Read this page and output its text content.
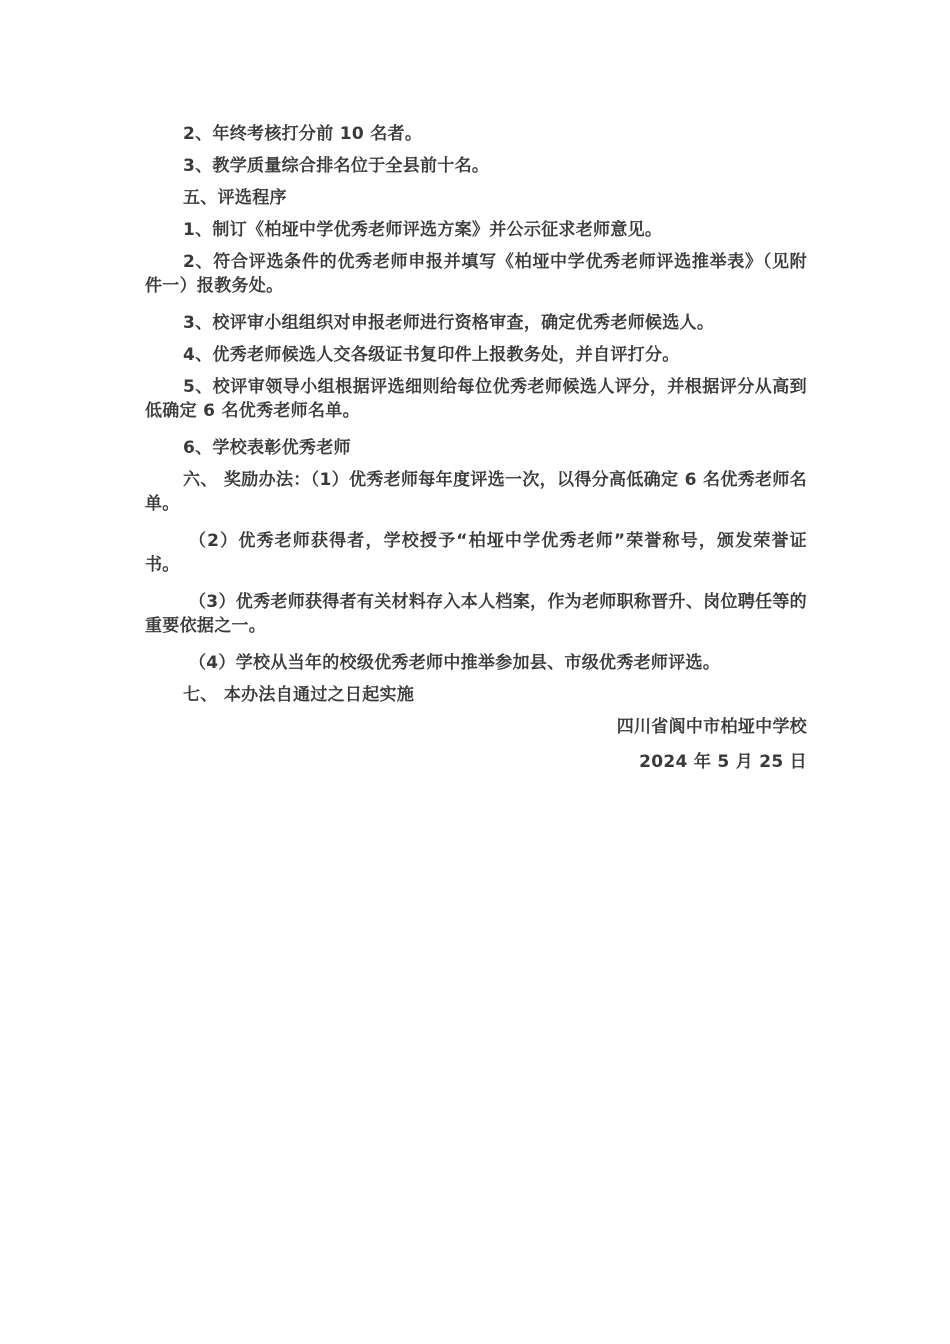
2、年终考核打分前 10 名者。

3、教学质量综合排名位于全县前十名。

五、评选程序

1、制订《柏垭中学优秀老师评选方案》并公示征求老师意见。

2、符合评选条件的优秀老师申报并填写《柏垭中学优秀老师评选推举表》（见附件一）报教务处。

3、校评审小组组织对申报老师进行资格审查，确定优秀老师候选人。

4、优秀老师候选人交各级证书复印件上报教务处，并自评打分。

5、校评审领导小组根据评选细则给每位优秀老师候选人评分，并根据评分从高到低确定 6 名优秀老师名单。

6、学校表彰优秀老师

六、 奖励办法：（1）优秀老师每年度评选一次，以得分高低确定 6 名优秀老师名单。

（2）优秀老师获得者，学校授予“柏垭中学优秀老师”荣誉称号，颁发荣誉证书。

（3）优秀老师获得者有关材料存入本人档案，作为老师职称晋升、岗位聘任等的重要依据之一。

（4）学校从当年的校级优秀老师中推举参加县、市级优秀老师评选。

七、 本办法自通过之日起实施

四川省阆中市柏垭中学校
2024 年 5 月 25 日
